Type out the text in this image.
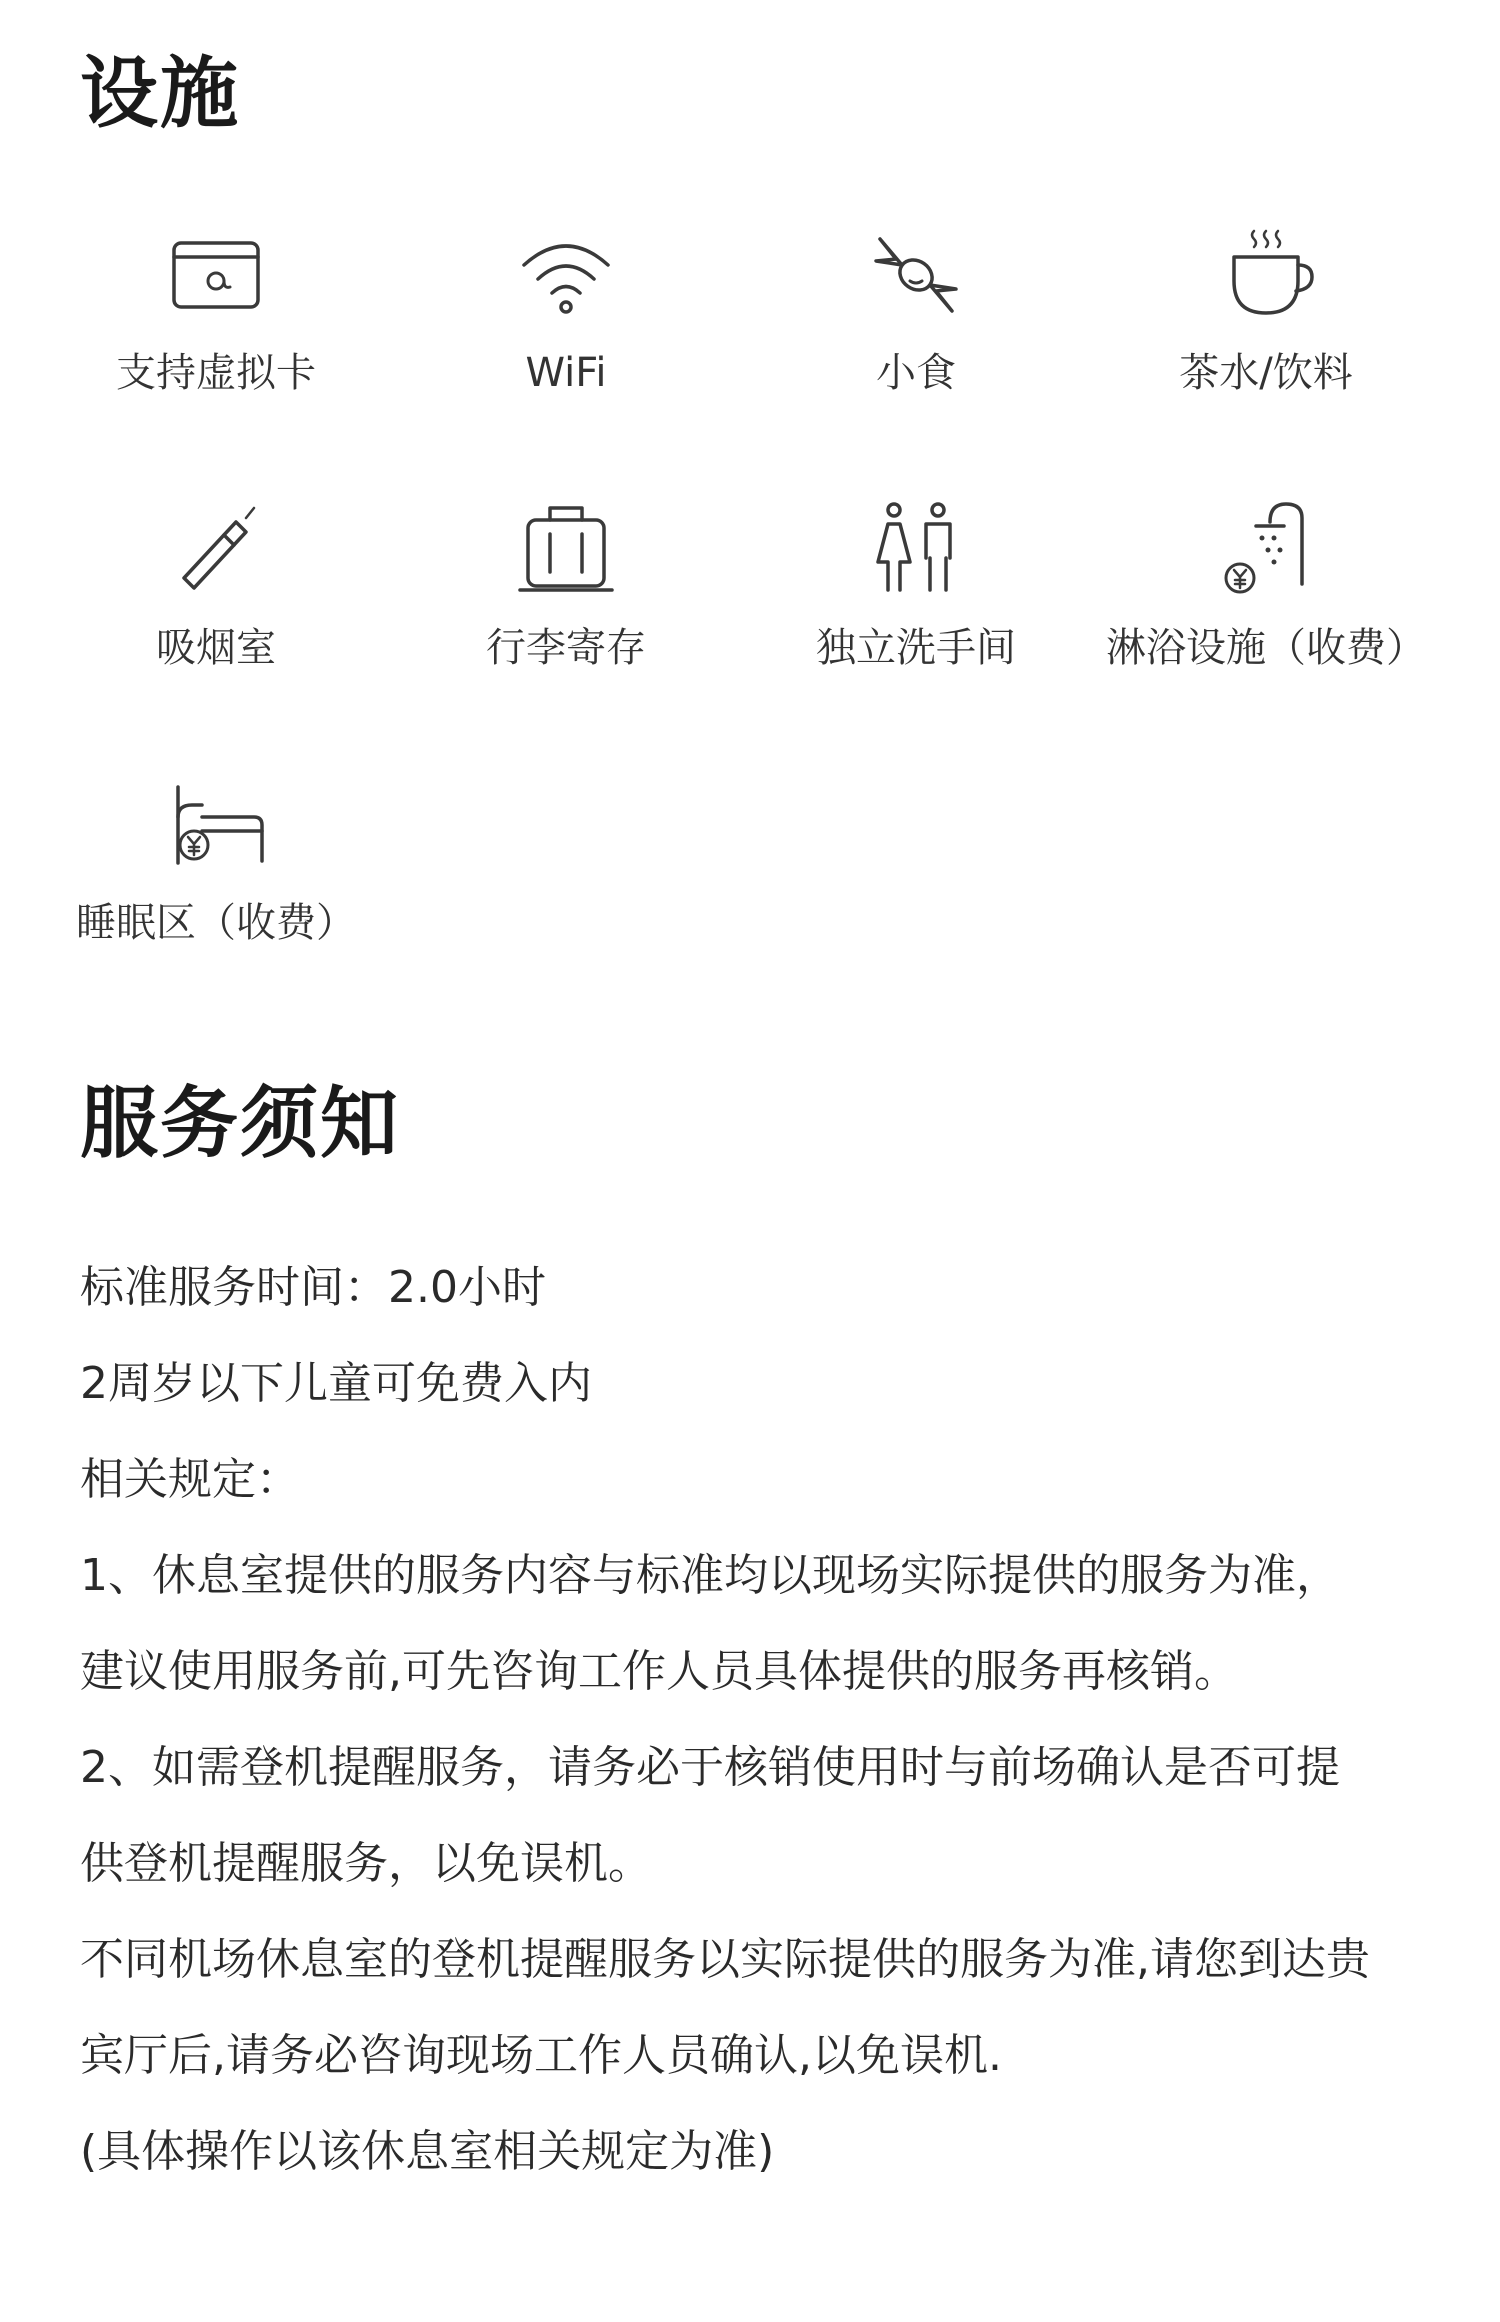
设施
支持虚拟卡	WiFi	小食	茶水/饮料
吸烟室	行李寄存	独立洗手间	淋浴设施（收费）
睡眠区（收费）
服务须知

标准服务时间：2.0小时

2周岁以下儿童可免费入内

相关规定：

1、休息室提供的服务内容与标准均以现场实际提供的服务为准，建议使用服务前,可先咨询工作人员具体提供的服务再核销。

2、如需登机提醒服务，请务必于核销使用时与前场确认是否可提供登机提醒服务，以免误机。

不同机场休息室的登机提醒服务以实际提供的服务为准,请您到达贵宾厅后,请务必咨询现场工作人员确认,以免误机.

(具体操作以该休息室相关规定为准)
